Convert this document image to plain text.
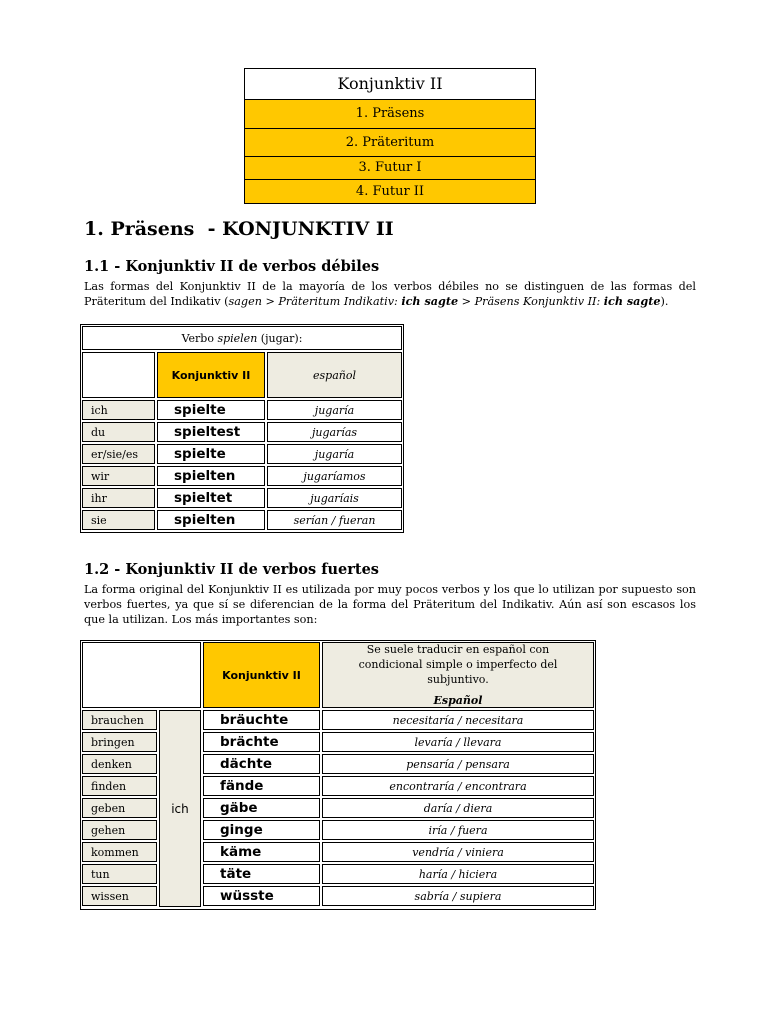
Konjunktiv II
1. Präsens
2. Präteritum
3. Futur I
4. Futur II
1. Präsens  - KONJUNKTIV II
1.1 - Konjunktiv II de verbos débiles

Las formas del Konjunktiv II de la mayoría de los verbos débiles no se distinguen de las formas del Präteritum del Indikativ (sagen > Präteritum Indikativ: ich sagte > Präsens Konjunktiv II: ich sagte).

Verbo spielen (jugar):
Konjunktiv II	español
ich	spielte	jugaría
du	spieltest	jugarías
er/sie/es	spielte	jugaría
wir	spielten	jugaríamos
ihr	spieltet	jugaríais
sie	spielten	serían / fueran
1.2 - Konjunktiv II de verbos fuertes

La forma original del Konjunktiv II es utilizada por muy pocos verbos y los que lo utilizan por supuesto son verbos fuertes, ya que sí se diferencian de la forma del Präteritum del Indikativ. Aún así son escasos los que la utilizan. Los más importantes son:

Konjunktiv II
Se suele traducir en español con condicional simple o imperfecto del subjuntivo.
Español
ich
brauchen	bräuchte	necesitaría / necesitara
bringen	brächte	levaría / llevara
denken	dächte	pensaría / pensara
finden	fände	encontraría / encontrara
geben	gäbe	daría / diera
gehen	ginge	iría / fuera
kommen	käme	vendría / viniera
tun	täte	haría / hiciera
wissen	wüsste	sabría / supiera
